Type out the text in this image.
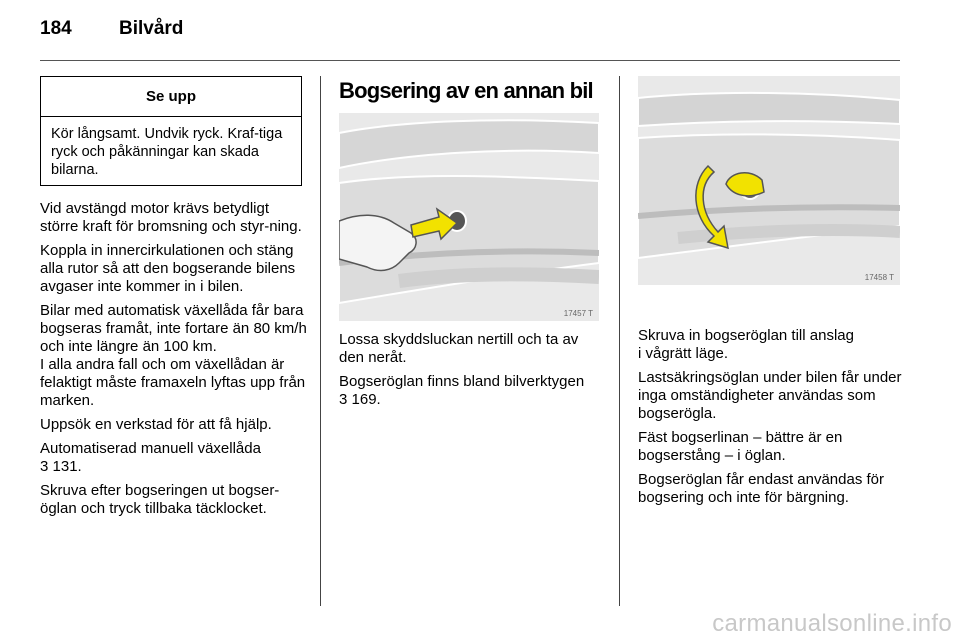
184 Bilvård
Se upp
Kör långsamt. Undvik ryck. Kraf-tiga ryck och påkänningar kan skada bilarna.

Vid avstängd motor krävs betydligt större kraft för bromsning och styr-ning.

Koppla in innercirkulationen och stäng alla rutor så att den bogserande bilens avgaser inte kommer in i bilen.

Bilar med automatisk växellåda får bara bogseras framåt, inte fortare än 80 km/h och inte längre än 100 km.
I alla andra fall och om växellådan är felaktigt måste framaxeln lyftas upp från marken.

Uppsök en verkstad för att få hjälp.

Automatiserad manuell växellåda
3 131.

Skruva efter bogseringen ut bogser-öglan och tryck tillbaka täcklocket.

Bogsering av en annan bil
17457 T

Lossa skyddsluckan nertill och ta av den neråt.

Bogseröglan finns bland bilverktygen
3 169.

17458 T

Skruva in bogseröglan till anslag
i vågrätt läge.

Lastsäkringsöglan under bilen får under inga omständigheter användas som bogserögla.

Fäst bogserlinan – bättre är en bogserstång – i öglan.

Bogseröglan får endast användas för bogsering och inte för bärgning.

carmanualsonline.info
